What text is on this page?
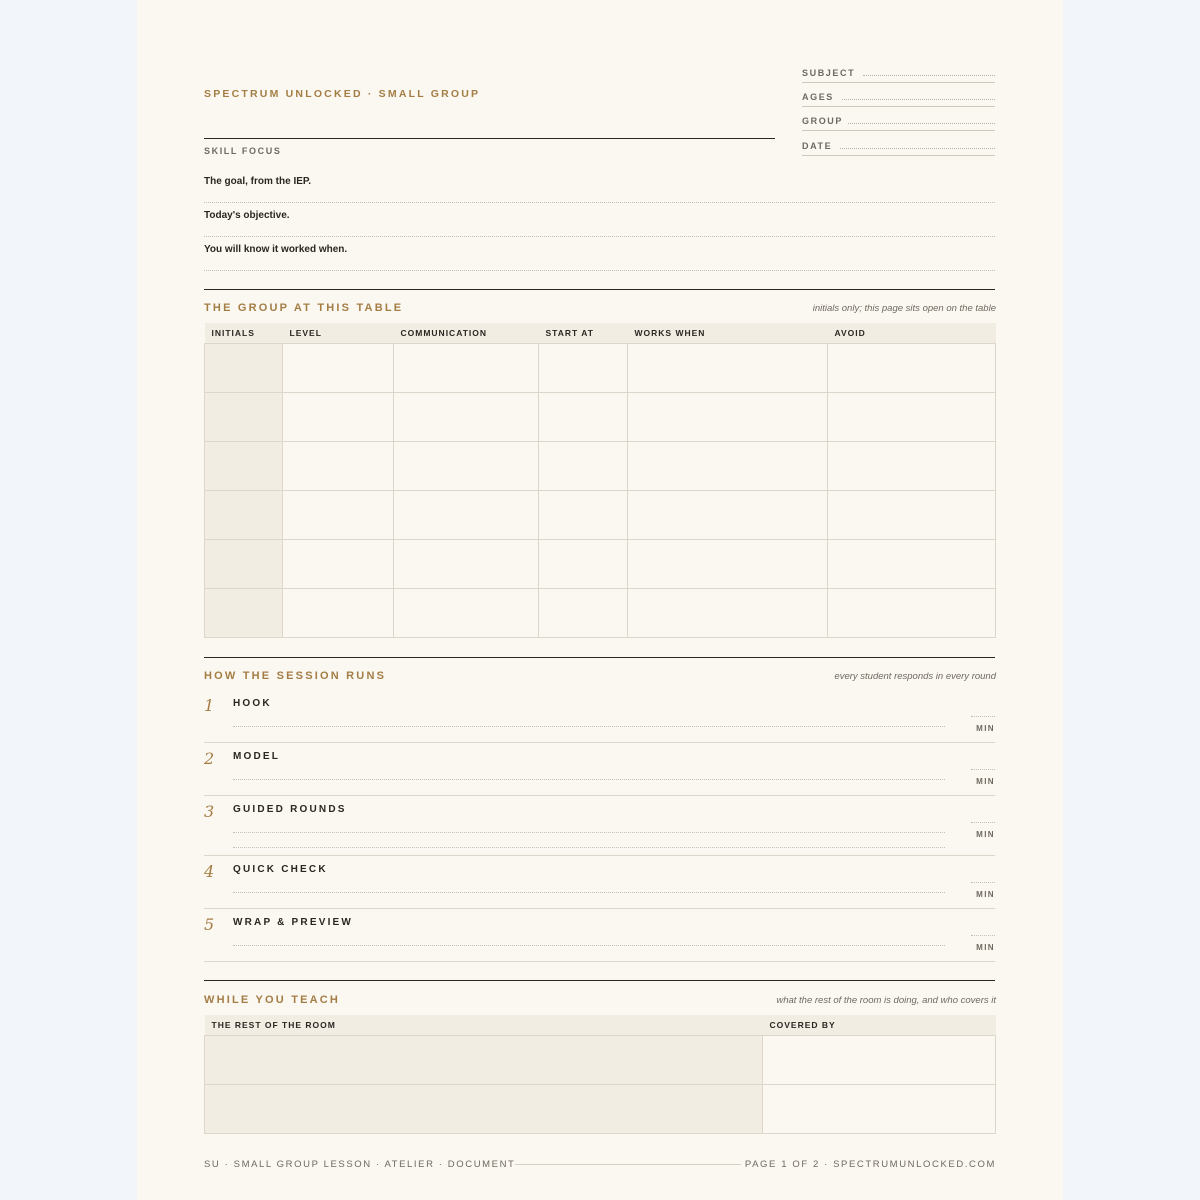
SPECTRUM UNLOCKED · SMALL GROUP
SUBJECT
AGES
GROUP
DATE
SKILL FOCUS
The goal, from the IEP.
Today's objective.
You will know it worked when.
THE GROUP AT THIS TABLE	initials only; this page sits open on the table
INITIALS	LEVEL	COMMUNICATION	START AT	WORKS WHEN	AVOID

HOW THE SESSION RUNS	every student responds in every round
1 HOOK
MIN
2 MODEL
MIN
3 GUIDED ROUNDS
MIN
4 QUICK CHECK
MIN
5 WRAP & PREVIEW
MIN
WHILE YOU TEACH	what the rest of the room is doing, and who covers it
THE REST OF THE ROOM	COVERED BY

SU · SMALL GROUP LESSON · ATELIER · DOCUMENT	PAGE 1 OF 2 · SPECTRUMUNLOCKED.COM
